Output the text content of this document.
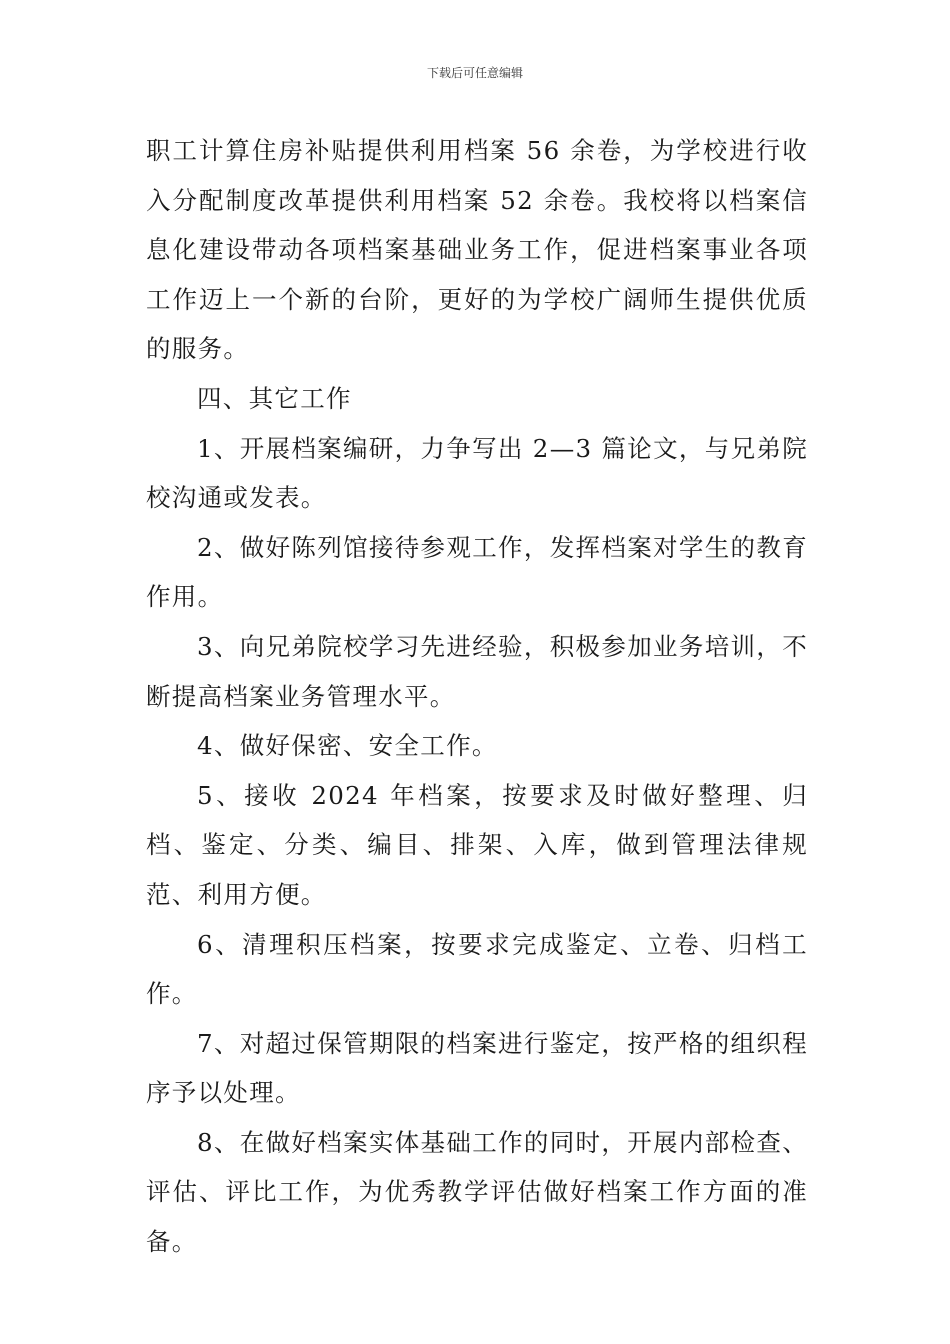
下载后可任意编辑

职工计算住房补贴提供利用档案 56 余卷，为学校进行收入分配制度改革提供利用档案 52 余卷。我校将以档案信息化建设带动各项档案基础业务工作，促进档案事业各项工作迈上一个新的台阶，更好的为学校广阔师生提供优质的服务。

四、其它工作

1、开展档案编研，力争写出 2—3 篇论文，与兄弟院校沟通或发表。

2、做好陈列馆接待参观工作，发挥档案对学生的教育作用。

3、向兄弟院校学习先进经验，积极参加业务培训，不断提高档案业务管理水平。

4、做好保密、安全工作。

5、接收 2024 年档案，按要求及时做好整理、归档、鉴定、分类、编目、排架、入库，做到管理法律规范、利用方便。

6、清理积压档案，按要求完成鉴定、立卷、归档工作。

7、对超过保管期限的档案进行鉴定，按严格的组织程序予以处理。

8、在做好档案实体基础工作的同时，开展内部检查、评估、评比工作，为优秀教学评估做好档案工作方面的准备。
